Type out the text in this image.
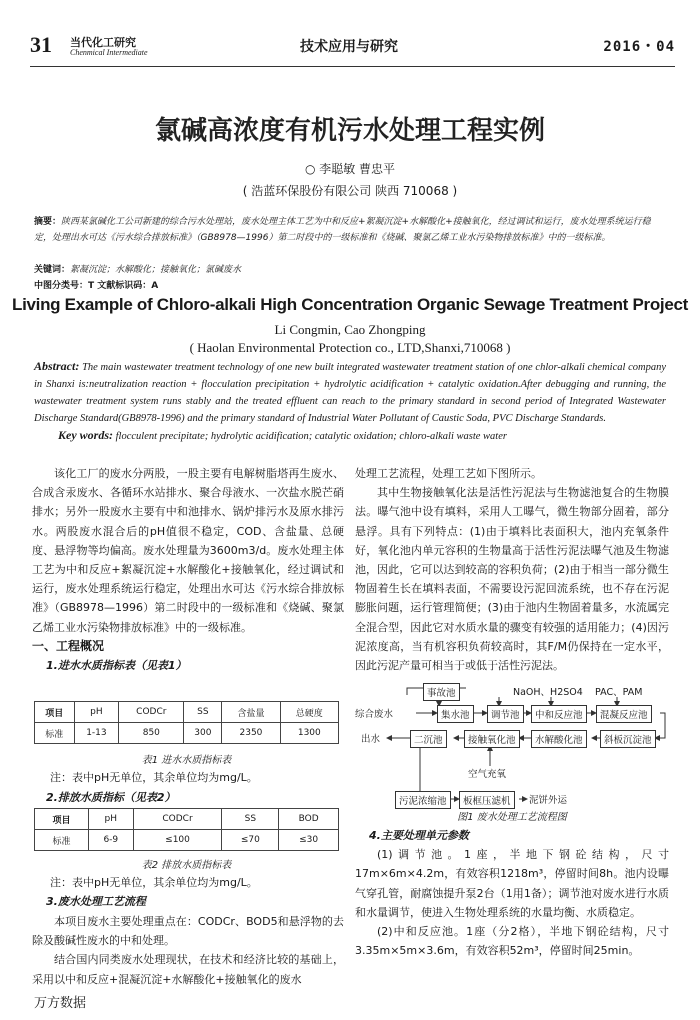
31 当代化工研究
Chenmical Intermediate	技术应用与研究	2016・04
氯碱高浓度有机污水处理工程实例
○ 李聪敏 曹忠平
( 浩蓝环保股份有限公司 陕西 710068 )
摘要：陕西某氯碱化工公司新建的综合污水处理站，废水处理主体工艺为中和反应+絮凝沉淀+水解酸化+接触氧化，经过调试和运行，废水处理系统运行稳定，处理出水可达《污水综合排放标准》（GB8978—1996）第二时段中的一级标准和《烧碱、聚氯乙烯工业水污染物排放标准》中的一级标准。
关键词：絮凝沉淀；水解酸化；接触氧化；氯碱废水
中图分类号：T 文献标识码：A
Living Example of Chloro-alkali High Concentration Organic Sewage Treatment Project
Li Congmin, Cao Zhongping
( Haolan Environmental Protection co., LTD,Shanxi,710068 )
Abstract: The main wastewater treatment technology of one new built integrated wastewater treatment station of one chlor-alkali chemical company in Shanxi is:neutralization reaction + flocculation precipitation + hydrolytic acidification + catalytic oxidation.After debugging and running, the wastewater treatment system runs stably and the treated effluent can reach to the primary standard in second period of Integrated Wastewater Discharge Standard(GB8978-1996) and the primary standard of Industrial Water Pollutant of Caustic Soda, PVC Discharge Standards.
Key words: flocculent precipitate; hydrolytic acidification; catalytic oxidation; chloro-alkali waste water

该化工厂的废水分两股，一股主要有电解树脂塔再生废水、合成含汞废水、各循环水站排水、聚合母液水、一次盐水脱芒硝排水；另外一股废水主要有中和池排水、锅炉排污水及原水排污水。两股废水混合后的pH值很不稳定，COD、含盐量、总硬度、悬浮物等均偏高。废水处理量为3600m3/d。废水处理主体工艺为中和反应+絮凝沉淀+水解酸化+接触氧化，经过调试和运行，废水处理系统运行稳定，处理出水可达《污水综合排放标准》（GB8978—1996）第二时段中的一级标准和《烧碱、聚氯乙烯工业水污染物排放标准》中的一级标准。

一、工程概况
1.进水水质指标表（见表1）
项目	pH	CODCr	SS	含盐量	总硬度
标准	1-13	850	300	2350	1300
表1 进水水质指标表
注：表中pH无单位，其余单位均为mg/L。
2.排放水质指标（见表2）
项目	pH	CODCr	SS	BOD
标准	6-9	≤100	≤70	≤30
表2 排放水质指标表
注：表中pH无单位，其余单位均为mg/L。
3.废水处理工艺流程

本项目废水主要处理重点在：CODCr、BOD5和悬浮物的去除及酸碱性废水的中和处理。

结合国内同类废水处理现状，在技术和经济比较的基础上，采用以中和反应+混凝沉淀+水解酸化+接触氧化的废水

处理工艺流程，处理工艺如下图所示。

其中生物接触氧化法是活性污泥法与生物滤池复合的生物膜法。曝气池中设有填料，采用人工曝气，微生物部分固着，部分悬浮。具有下列特点：(1)由于填料比表面积大，池内充氧条件好，氧化池内单元容积的生物量高于活性污泥法曝气池及生物滤池，因此，它可以达到较高的容积负荷；(2)由于相当一部分微生物固着生长在填料表面，不需要设污泥回流系统，也不存在污泥膨胀问题，运行管理简便；(3)由于池内生物固着量多，水流属完全混合型，因此它对水质水量的骤变有较强的适用能力；(4)因污泥浓度高，当有机容积负荷较高时，其F/M仍保持在一定水平，因此污泥产量可相当于或低于活性污泥法。

事故池	NaOH、H2SO4 PAC、PAM
综合废水	集水池	调节池	中和反应池	混凝反应池
出水	二沉池	接触氧化池	水解酸化池	斜板沉淀池
空气充氧
污泥浓缩池	板框压滤机	泥饼外运
图1 废水处理工艺流程图
4.主要处理单元参数

(1)调节池。1座，半地下钢砼结构，尺寸17m×6m×4.2m，有效容积1218m³，停留时间8h。池内设曝气穿孔管，耐腐蚀提升泵2台（1用1备）；调节池对废水进行水质和水量调节，使进入生物处理系统的水量均衡、水质稳定。

(2)中和反应池。1座（分2格），半地下钢砼结构，尺寸3.35m×5m×3.6m，有效容积52m³，停留时间25min。

万方数据
